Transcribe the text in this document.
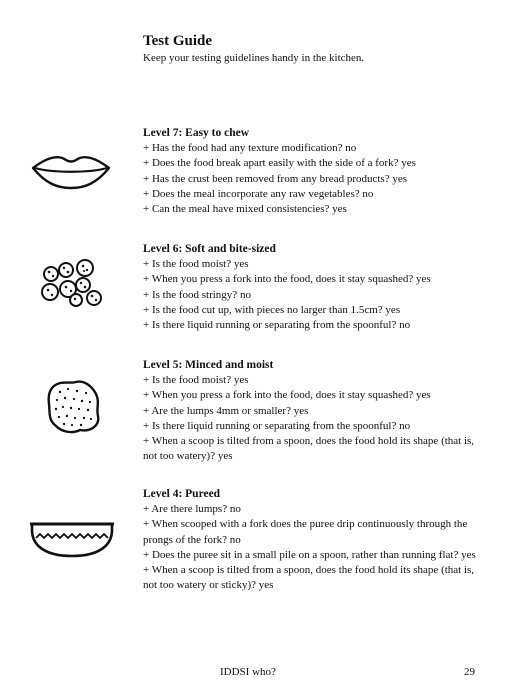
Test Guide
Keep your testing guidelines handy in the kitchen.
Level 7: Easy to chew
+ Has the food had any texture modification? no
+ Does the food break apart easily with the side of a fork? yes
+ Has the crust been removed from any bread products? yes
+ Does the meal incorporate any raw vegetables? no
+ Can the meal have mixed consistencies? yes
Level 6: Soft and bite-sized
+ Is the food moist? yes
+ When you press a fork into the food, does it stay squashed? yes
+ Is the food stringy? no
+ Is the food cut up, with pieces no larger than 1.5cm? yes
+ Is there liquid running or separating from the spoonful? no
Level 5: Minced and moist
+ Is the food moist? yes
+ When you press a fork into the food, does it stay squashed? yes
+ Are the lumps 4mm or smaller? yes
+ Is there liquid running or separating from the spoonful? no
+ When a scoop is tilted from a spoon, does the food hold its shape (that is, not too watery)? yes
Level 4: Pureed
+ Are there lumps? no
+ When scooped with a fork does the puree drip continuously through the prongs of the fork? no
+ Does the puree sit in a small pile on a spoon, rather than running flat? yes
+ When a scoop is tilted from a spoon, does the food hold its shape (that is, not too watery or sticky)? yes
IDDSI who?	29
